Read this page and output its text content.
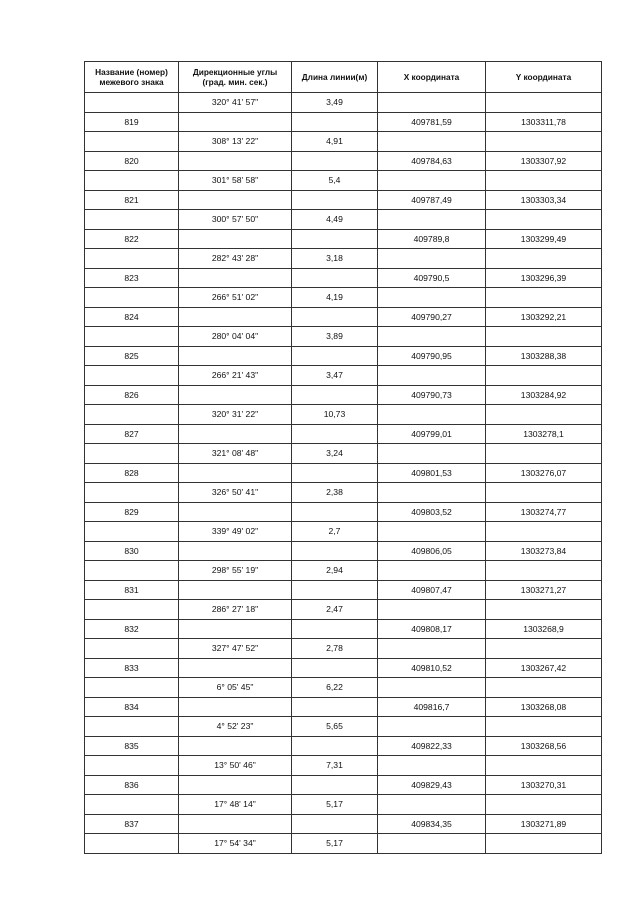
Название (номер) межевого знака	Дирекционные углы (град. мин. сек.)	Длина линии(м)	X координата	Y координата
	320° 41' 57"	3,49		
819			409781,59	1303311,78
	308° 13' 22"	4,91		
820			409784,63	1303307,92
	301° 58' 58"	5,4		
821			409787,49	1303303,34
	300° 57' 50"	4,49		
822			409789,8	1303299,49
	282° 43' 28"	3,18		
823			409790,5	1303296,39
	266° 51' 02"	4,19		
824			409790,27	1303292,21
	280° 04' 04"	3,89		
825			409790,95	1303288,38
	266° 21' 43"	3,47		
826			409790,73	1303284,92
	320° 31' 22"	10,73		
827			409799,01	1303278,1
	321° 08' 48"	3,24		
828			409801,53	1303276,07
	326° 50' 41"	2,38		
829			409803,52	1303274,77
	339° 49' 02"	2,7		
830			409806,05	1303273,84
	298° 55' 19"	2,94		
831			409807,47	1303271,27
	286° 27' 18"	2,47		
832			409808,17	1303268,9
	327° 47' 52"	2,78		
833			409810,52	1303267,42
	6° 05' 45"	6,22		
834			409816,7	1303268,08
	4° 52' 23"	5,65		
835			409822,33	1303268,56
	13° 50' 46"	7,31		
836			409829,43	1303270,31
	17° 48' 14"	5,17		
837			409834,35	1303271,89
	17° 54' 34"	5,17		
